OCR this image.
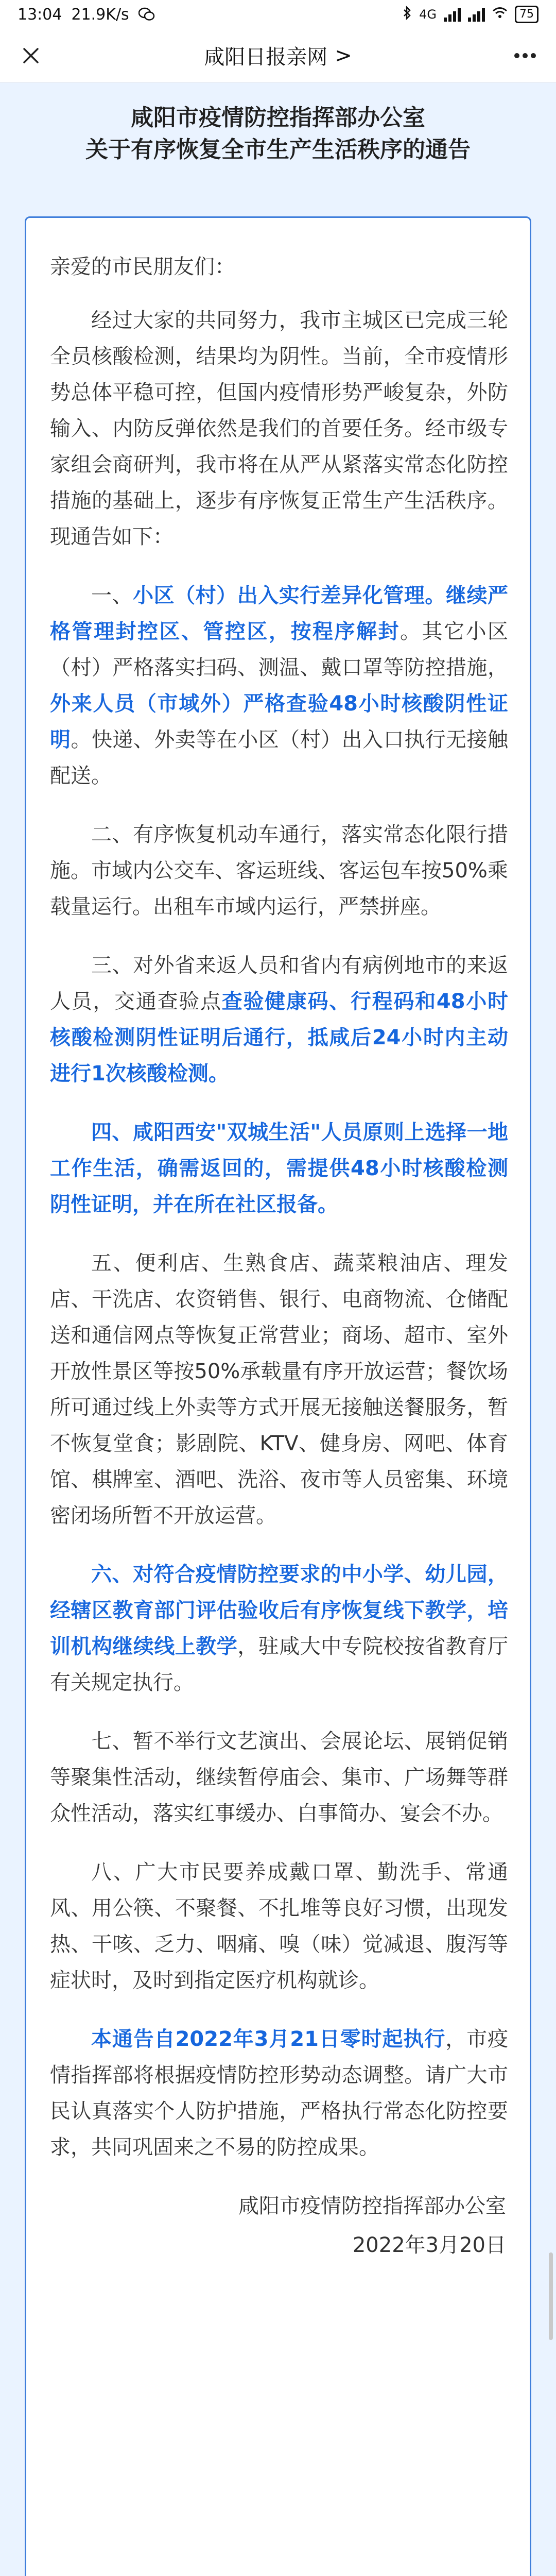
13:04 21.9K/s	4G	75
咸阳日报亲网 >
咸阳市疫情防控指挥部办公室
关于有序恢复全市生产生活秩序的通告
亲爱的市民朋友们：

经过大家的共同努力，我市主城区已完成三轮全员核酸检测，结果均为阴性。当前，全市疫情形势总体平稳可控，但国内疫情形势严峻复杂，外防输入、内防反弹依然是我们的首要任务。经市级专家组会商研判，我市将在从严从紧落实常态化防控措施的基础上，逐步有序恢复正常生产生活秩序。现通告如下：

一、小区（村）出入实行差异化管理。继续严格管理封控区、管控区，按程序解封。其它小区（村）严格落实扫码、测温、戴口罩等防控措施，外来人员（市域外）严格查验48小时核酸阴性证明。快递、外卖等在小区（村）出入口执行无接触配送。

二、有序恢复机动车通行，落实常态化限行措施。市域内公交车、客运班线、客运包车按50%乘载量运行。出租车市域内运行，严禁拼座。

三、对外省来返人员和省内有病例地市的来返人员，交通查验点查验健康码、行程码和48小时核酸检测阴性证明后通行，抵咸后24小时内主动进行1次核酸检测。

四、咸阳西安"双城生活"人员原则上选择一地工作生活，确需返回的，需提供48小时核酸检测阴性证明，并在所在社区报备。

五、便利店、生熟食店、蔬菜粮油店、理发店、干洗店、农资销售、银行、电商物流、仓储配送和通信网点等恢复正常营业；商场、超市、室外开放性景区等按50%承载量有序开放运营；餐饮场所可通过线上外卖等方式开展无接触送餐服务，暂不恢复堂食；影剧院、KTV、健身房、网吧、体育馆、棋牌室、酒吧、洗浴、夜市等人员密集、环境密闭场所暂不开放运营。

六、对符合疫情防控要求的中小学、幼儿园，经辖区教育部门评估验收后有序恢复线下教学，培训机构继续线上教学，驻咸大中专院校按省教育厅有关规定执行。

七、暂不举行文艺演出、会展论坛、展销促销等聚集性活动，继续暂停庙会、集市、广场舞等群众性活动，落实红事缓办、白事简办、宴会不办。

八、广大市民要养成戴口罩、勤洗手、常通风、用公筷、不聚餐、不扎堆等良好习惯，出现发热、干咳、乏力、咽痛、嗅（味）觉减退、腹泻等症状时，及时到指定医疗机构就诊。

本通告自2022年3月21日零时起执行，市疫情指挥部将根据疫情防控形势动态调整。请广大市民认真落实个人防护措施，严格执行常态化防控要求，共同巩固来之不易的防控成果。

咸阳市疫情防控指挥部办公室
2022年3月20日
